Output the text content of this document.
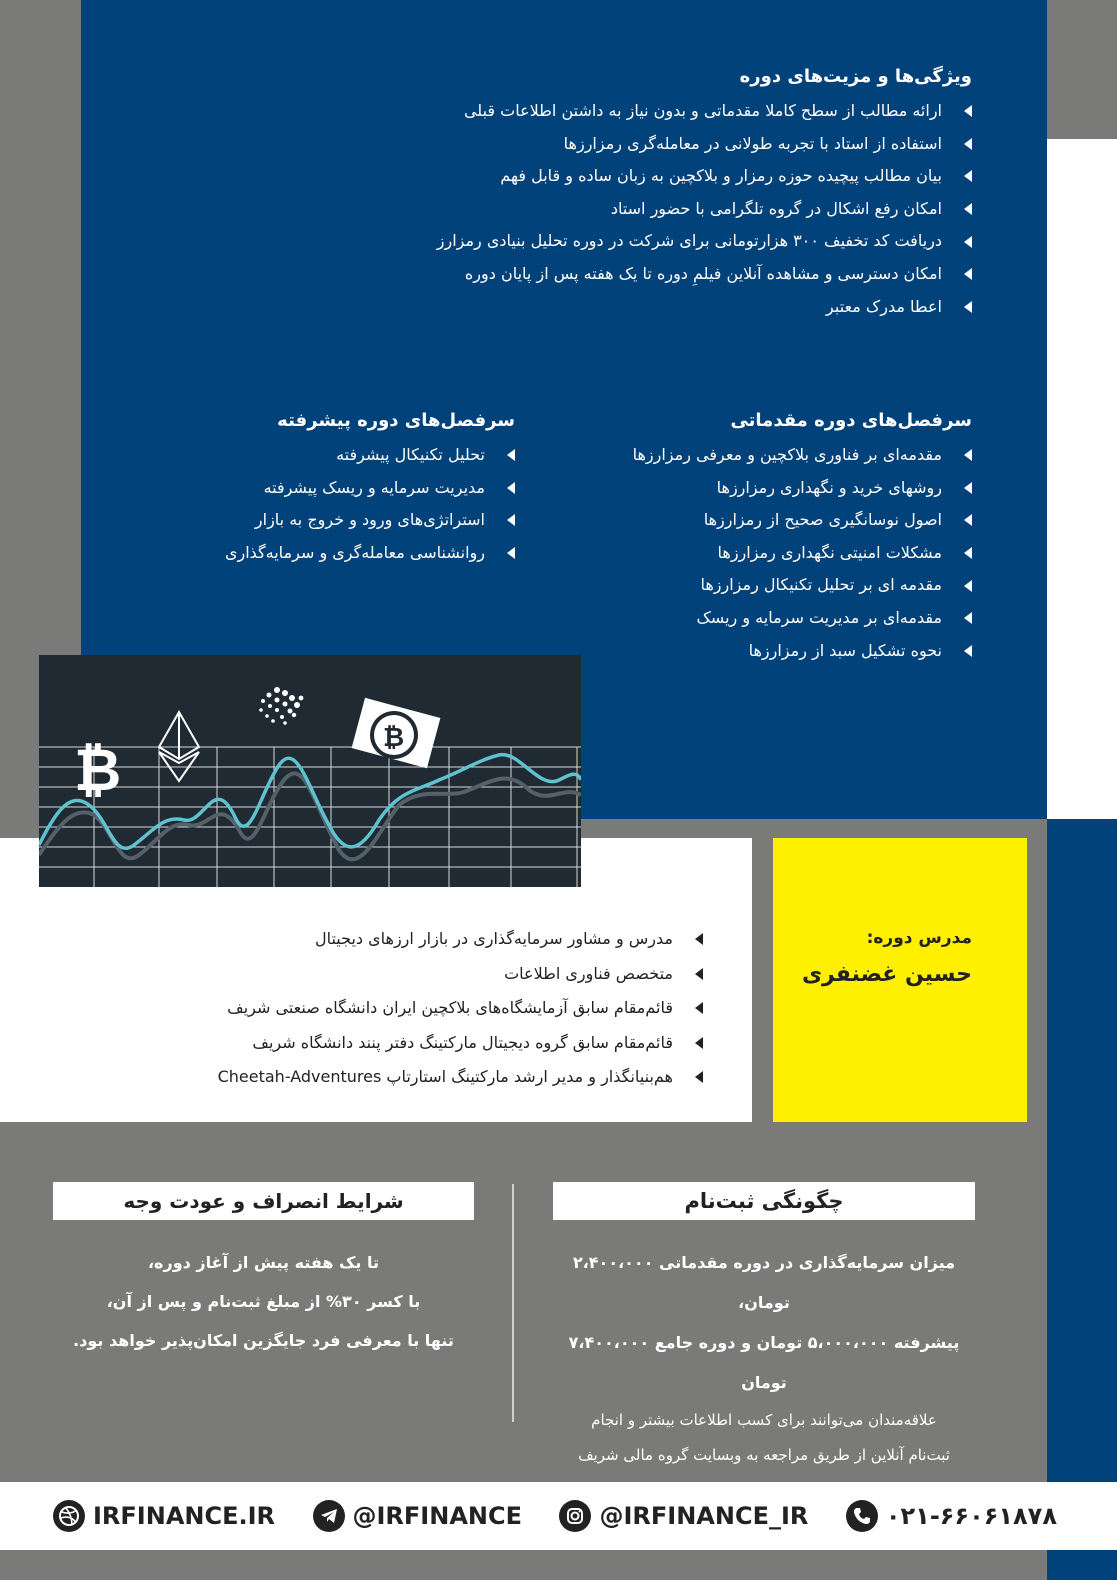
ویژگی‌ها و مزیت‌های دوره
ارائه مطالب از سطح کاملا مقدماتی و بدون نیاز به داشتن اطلاعات قبلی
استفاده از استاد با تجربه طولانی در معامله‌گری رمزارزها
بیان مطالب پیچیده حوزه رمزار و بلاکچین به زبان ساده و قابل فهم
امکان رفع اشکال در گروه تلگرامی با حضور استاد
دریافت کد تخفیف ۳۰۰ هزارتومانی برای شرکت در دوره تحلیل بنیادی رمزارز
امکان دسترسی و مشاهده آنلاین فیلمِ دوره تا یک هفته پس از پایان دوره
اعطا مدرک معتبر
سرفصل‌های دوره مقدماتی
مقدمه‌ای بر فناوری بلاکچین و معرفی رمزارزها
روشهای خرید و نگهداری رمزارزها
اصول نوسانگیری صحیح از رمزارزها
مشکلات امنیتی نگهداری رمزارزها
مقدمه ای بر تحلیل تکنیکال رمزارزها
مقدمه‌ای بر مدیریت سرمایه و ریسک
نحوه تشکیل سبد از رمزارزها
سرفصل‌های دوره پیشرفته
تحلیل تکنیکال پیشرفته
مدیریت سرمایه و ریسک پیشرفته
استراتژی‌های ورود و خروج به بازار
روانشناسی معامله‌گری و سرمایه‌گذاری
مدرس دوره:
حسین غضنفری
مدرس و مشاور سرمایه‌گذاری در بازار ارزهای دیجیتال
متخصص فناوری اطلاعات
قائم‌مقام سابق آزمایشگاه‌های بلاکچین ایران دانشگاه صنعتی شریف
قائم‌مقام سابق گروه دیجیتال مارکتینگ دفتر پنند دانشگاه شریف
هم‌بنیانگذار و مدیر ارشد مارکتینگ استارتاپ Cheetah-Adventures
₿	₿
چگونگی ثبت‌نام
میزان سرمایه‌گذاری در دوره مقدماتی ۲،۴۰۰،۰۰۰ تومان،
پیشرفته ۵،۰۰۰،۰۰۰ تومان و دوره جامع ۷،۴۰۰،۰۰۰ تومان
علاقه‌مندان می‌توانند برای کسب اطلاعات بیشتر و انجام
ثبت‌نام آنلاین از طریق مراجعه به وبسایت گروه مالی شریف
شرایط انصراف و عودت وجه
تا یک هفته پیش از آغاز دوره،
با کسر ۳۰% از مبلغ ثبت‌نام و پس از آن،
تنها با معرفی فرد جایگزین امکان‌پذیر خواهد بود.
IRFINANCE.IR	@IRFINANCE	@IRFINANCE_IR	۰۲۱-۶۶۰۶۱۸۷۸
